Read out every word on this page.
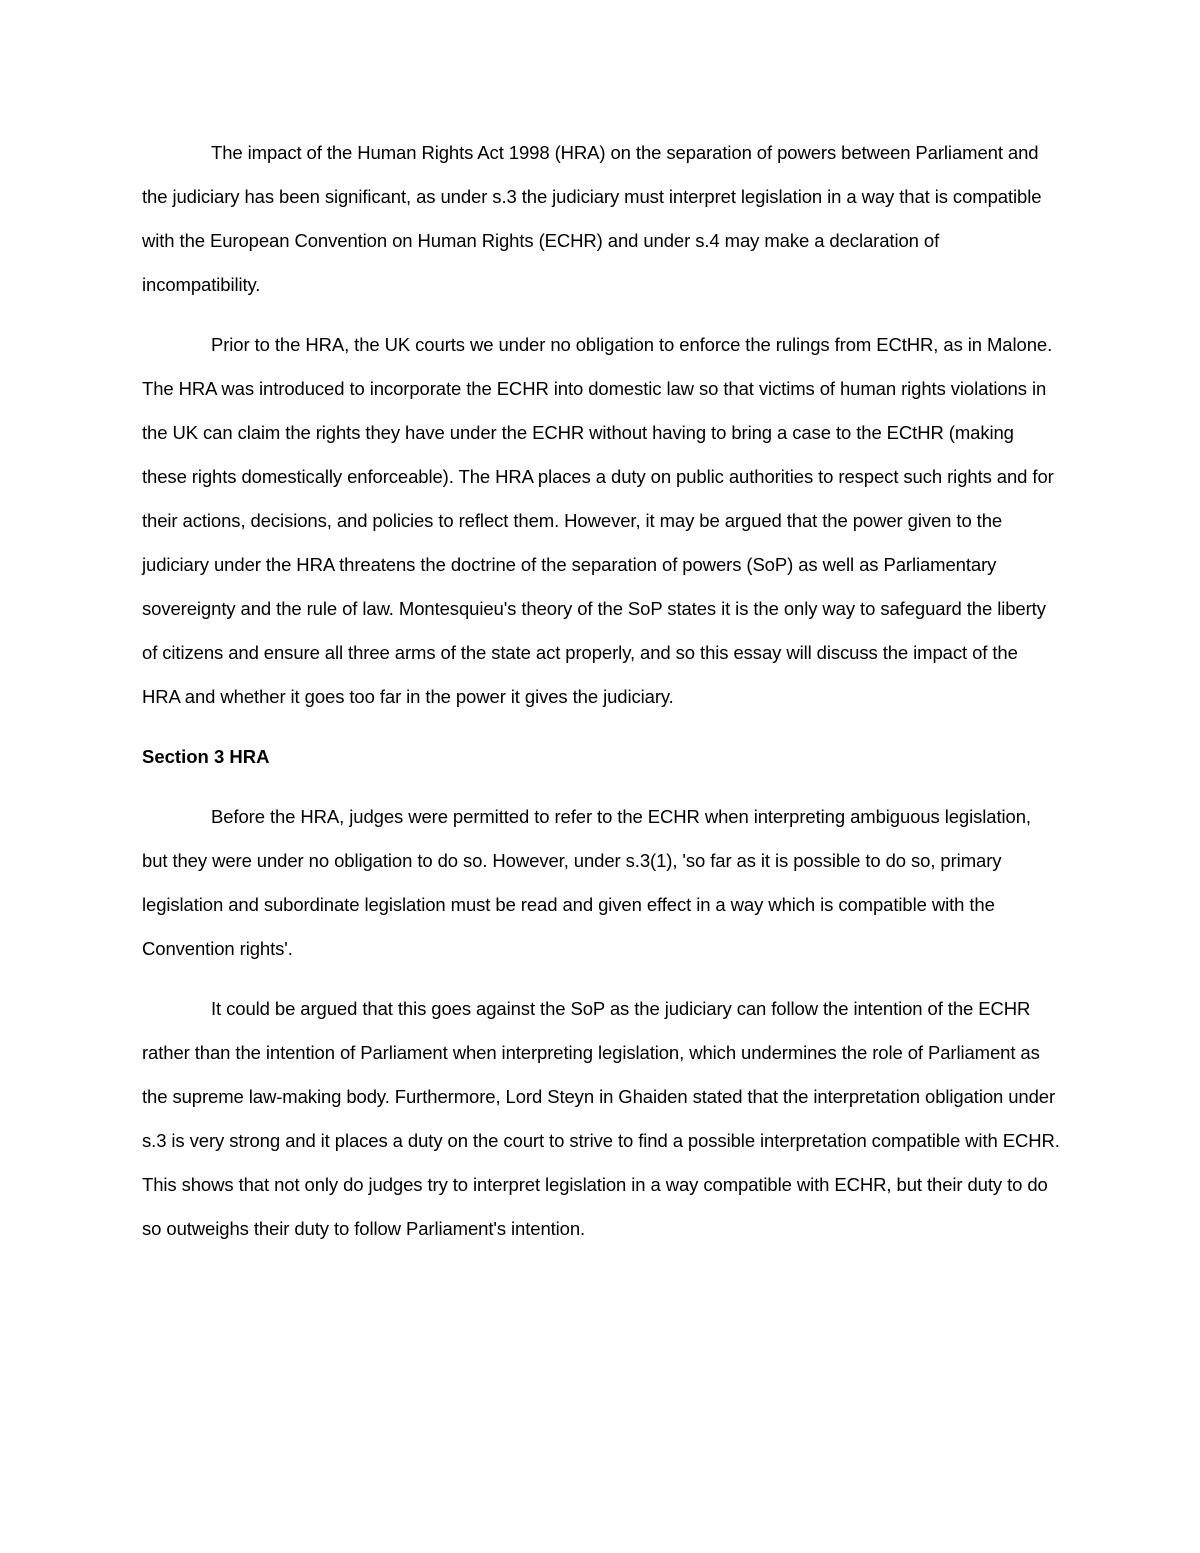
The impact of the Human Rights Act 1998 (HRA) on the separation of powers between Parliament and the judiciary has been significant, as under s.3 the judiciary must interpret legislation in a way that is compatible with the European Convention on Human Rights (ECHR) and under s.4 may make a declaration of incompatibility.

Prior to the HRA, the UK courts we under no obligation to enforce the rulings from ECtHR, as in Malone. The HRA was introduced to incorporate the ECHR into domestic law so that victims of human rights violations in the UK can claim the rights they have under the ECHR without having to bring a case to the ECtHR (making these rights domestically enforceable). The HRA places a duty on public authorities to respect such rights and for their actions, decisions, and policies to reflect them. However, it may be argued that the power given to the judiciary under the HRA threatens the doctrine of the separation of powers (SoP) as well as Parliamentary sovereignty and the rule of law. Montesquieu's theory of the SoP states it is the only way to safeguard the liberty of citizens and ensure all three arms of the state act properly, and so this essay will discuss the impact of the HRA and whether it goes too far in the power it gives the judiciary.

Section 3 HRA

Before the HRA, judges were permitted to refer to the ECHR when interpreting ambiguous legislation, but they were under no obligation to do so. However, under s.3(1), 'so far as it is possible to do so, primary legislation and subordinate legislation must be read and given effect in a way which is compatible with the Convention rights'.

It could be argued that this goes against the SoP as the judiciary can follow the intention of the ECHR rather than the intention of Parliament when interpreting legislation, which undermines the role of Parliament as the supreme law-making body. Furthermore, Lord Steyn in Ghaiden stated that the interpretation obligation under s.3 is very strong and it places a duty on the court to strive to find a possible interpretation compatible with ECHR. This shows that not only do judges try to interpret legislation in a way compatible with ECHR, but their duty to do so outweighs their duty to follow Parliament's intention.
